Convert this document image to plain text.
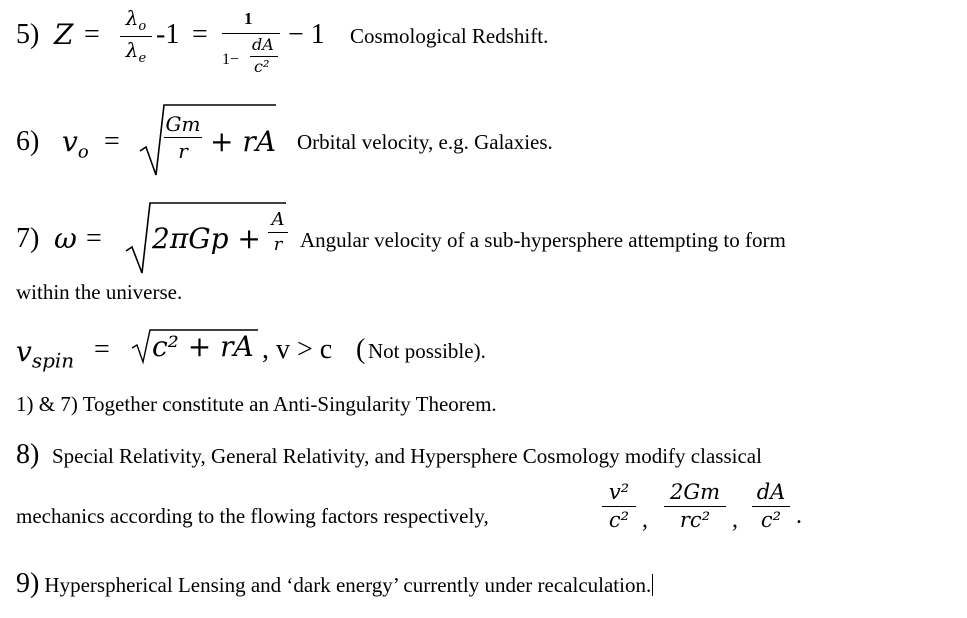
5) Z =
$\lambda_o$
$\lambda_e$
-1 =
1
1−
dA
c²
− 1 Cosmological Redshift.
6) $v_o$ =
Gm
r + rA Orbital velocity, e.g. Galaxies.
7) ω = 2πGp +
A
r Angular velocity of a sub-hypersphere attempting to form
within the universe.
$v_{spin} = c^2$ + rA , v > c ( Not possible).
1) & 7) Together constitute an Anti-Singularity Theorem.
8) Special Relativity, General Relativity, and Hypersphere Cosmology modify classical
mechanics according to the flowing factors respectively,
v²
c² ,
2Gm
rc² ,
dA
c² .
9) Hyperspherical Lensing and ‘dark energy’ currently under recalculation.
